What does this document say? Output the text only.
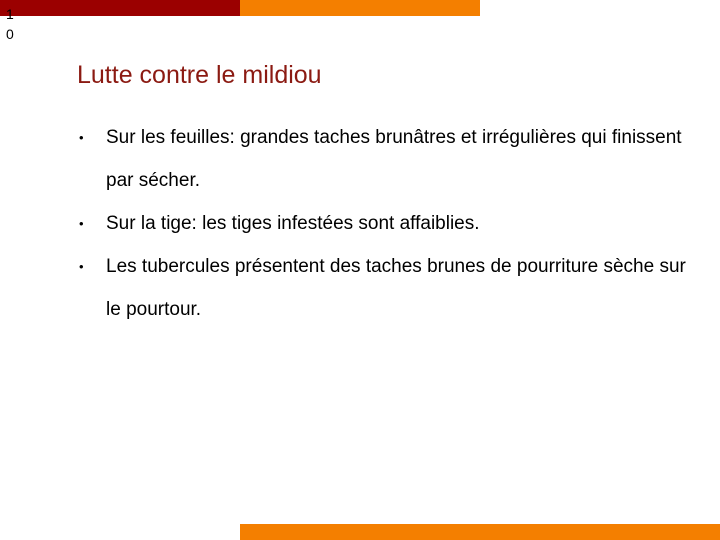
1
0
Lutte contre le mildiou
• Sur les feuilles: grandes taches brunâtres et irrégulières qui finissent par sécher.
• Sur la tige: les tiges infestées sont affaiblies.
• Les tubercules présentent des taches brunes de pourriture sèche sur le pourtour.
